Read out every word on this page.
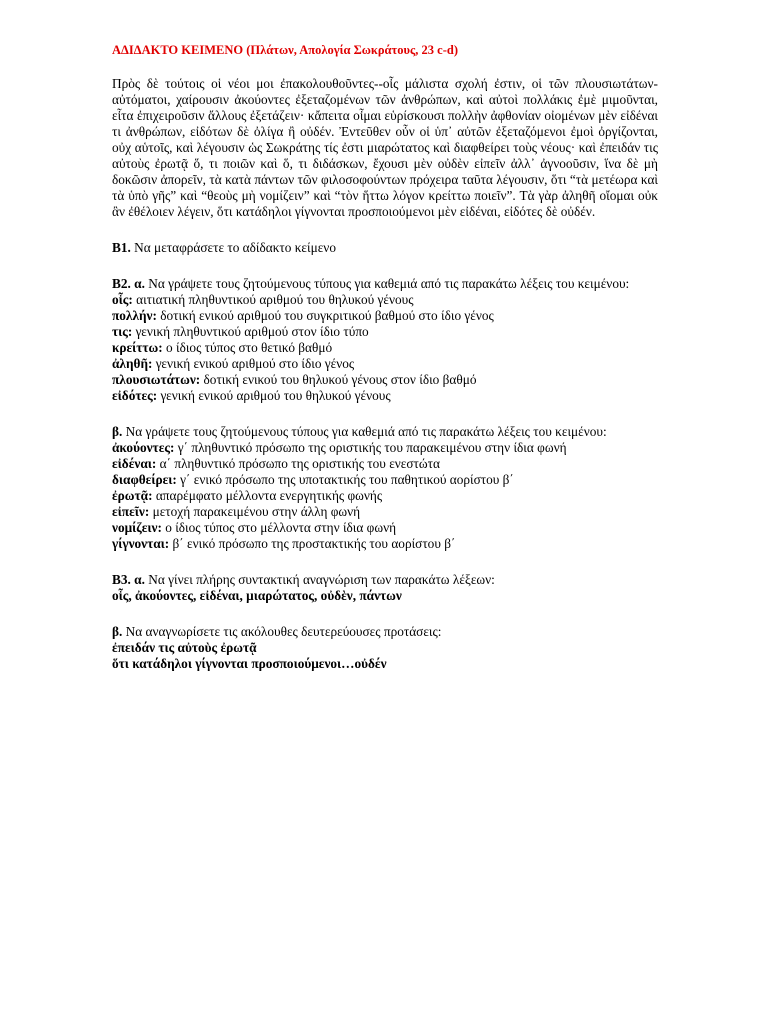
ΑΔΙΔΑΚΤΟ ΚΕΙΜΕΝΟ (Πλάτων, Απολογία Σωκράτους, 23 c-d)

Πρὸς δὲ τούτοις οἱ νέοι μοι ἐπακολουθοῦντες--οἷς μάλιστα σχολή ἐστιν, οἱ τῶν πλουσιωτάτων-αὐτόματοι, χαίρουσιν ἀκούοντες ἐξεταζομένων τῶν ἀνθρώπων, καὶ αὐτοὶ πολλάκις ἐμὲ μιμοῦνται, εἶτα ἐπιχειροῦσιν ἄλλους ἐξετάζειν· κἄπειτα οἶμαι εὑρίσκουσι πολλὴν ἀφθονίαν οἰομένων μὲν εἰδέναι τι ἀνθρώπων, εἰδότων δὲ ὀλίγα ἢ οὐδέν. Ἐντεῦθεν οὖν οἱ ὑπ᾽ αὐτῶν ἐξεταζόμενοι ἐμοὶ ὀργίζονται, οὐχ αὑτοῖς, καὶ λέγουσιν ὡς Σωκράτης τίς ἐστι μιαρώτατος καὶ διαφθείρει τοὺς νέους· καὶ ἐπειδάν τις αὐτοὺς ἐρωτᾷ ὅ, τι ποιῶν καὶ ὅ, τι διδάσκων, ἔχουσι μὲν οὐδὲν εἰπεῖν ἀλλ᾽ ἀγνοοῦσιν, ἵνα δὲ μὴ δοκῶσιν ἀπορεῖν, τὰ κατὰ πάντων τῶν φιλοσοφούντων πρόχειρα ταῦτα λέγουσιν, ὅτι “τὰ μετέωρα καὶ τὰ ὑπὸ γῆς” καὶ “θεοὺς μὴ νομίζειν” καὶ “τὸν ἥττω λόγον κρείττω ποιεῖν”. Τὰ γὰρ ἀληθῆ οἴομαι οὐκ ἂν ἐθέλοιεν λέγειν, ὅτι κατάδηλοι γίγνονται προσποιούμενοι μὲν εἰδέναι, εἰδότες δὲ οὐδέν.

Β1. Να μεταφράσετε το αδίδακτο κείμενο

Β2. α. Να γράψετε τους ζητούμενους τύπους για καθεμιά από τις παρακάτω λέξεις του κειμένου:

οἷς: αιτιατική πληθυντικού αριθμού του θηλυκού γένους

πολλήν: δοτική ενικού αριθμού του συγκριτικού βαθμού στο ίδιο γένος

τις: γενική πληθυντικού αριθμού στον ίδιο τύπο

κρείττω: ο ίδιος τύπος στο θετικό βαθμό

ἀληθῆ: γενική ενικού αριθμού στο ίδιο γένος

πλουσιωτάτων: δοτική ενικού του θηλυκού γένους στον ίδιο βαθμό

εἰδότες: γενική ενικού αριθμού του θηλυκού γένους

β. Να γράψετε τους ζητούμενους τύπους για καθεμιά από τις παρακάτω λέξεις του κειμένου:

ἀκούοντες: γ΄ πληθυντικό πρόσωπο της οριστικής του παρακειμένου στην ίδια φωνή

εἰδέναι: α΄ πληθυντικό πρόσωπο της οριστικής του ενεστώτα

διαφθείρει: γ΄ ενικό πρόσωπο της υποτακτικής του παθητικού αορίστου β΄

ἐρωτᾷ: απαρέμφατο μέλλοντα ενεργητικής φωνής

εἰπεῖν: μετοχή παρακειμένου στην άλλη φωνή

νομίζειν: ο ίδιος τύπος στο μέλλοντα στην ίδια φωνή

γίγνονται: β΄ ενικό πρόσωπο της προστακτικής του αορίστου β΄

Β3. α. Να γίνει πλήρης συντακτική αναγνώριση των παρακάτω λέξεων:

οἷς, ἀκούοντες, εἰδέναι, μιαρώτατος, οὐδὲν, πάντων

β. Να αναγνωρίσετε τις ακόλουθες δευτερεύουσες προτάσεις:

ἐπειδάν τις αὐτοὺς ἐρωτᾷ

ὅτι κατάδηλοι γίγνονται προσποιούμενοι…οὐδέν
